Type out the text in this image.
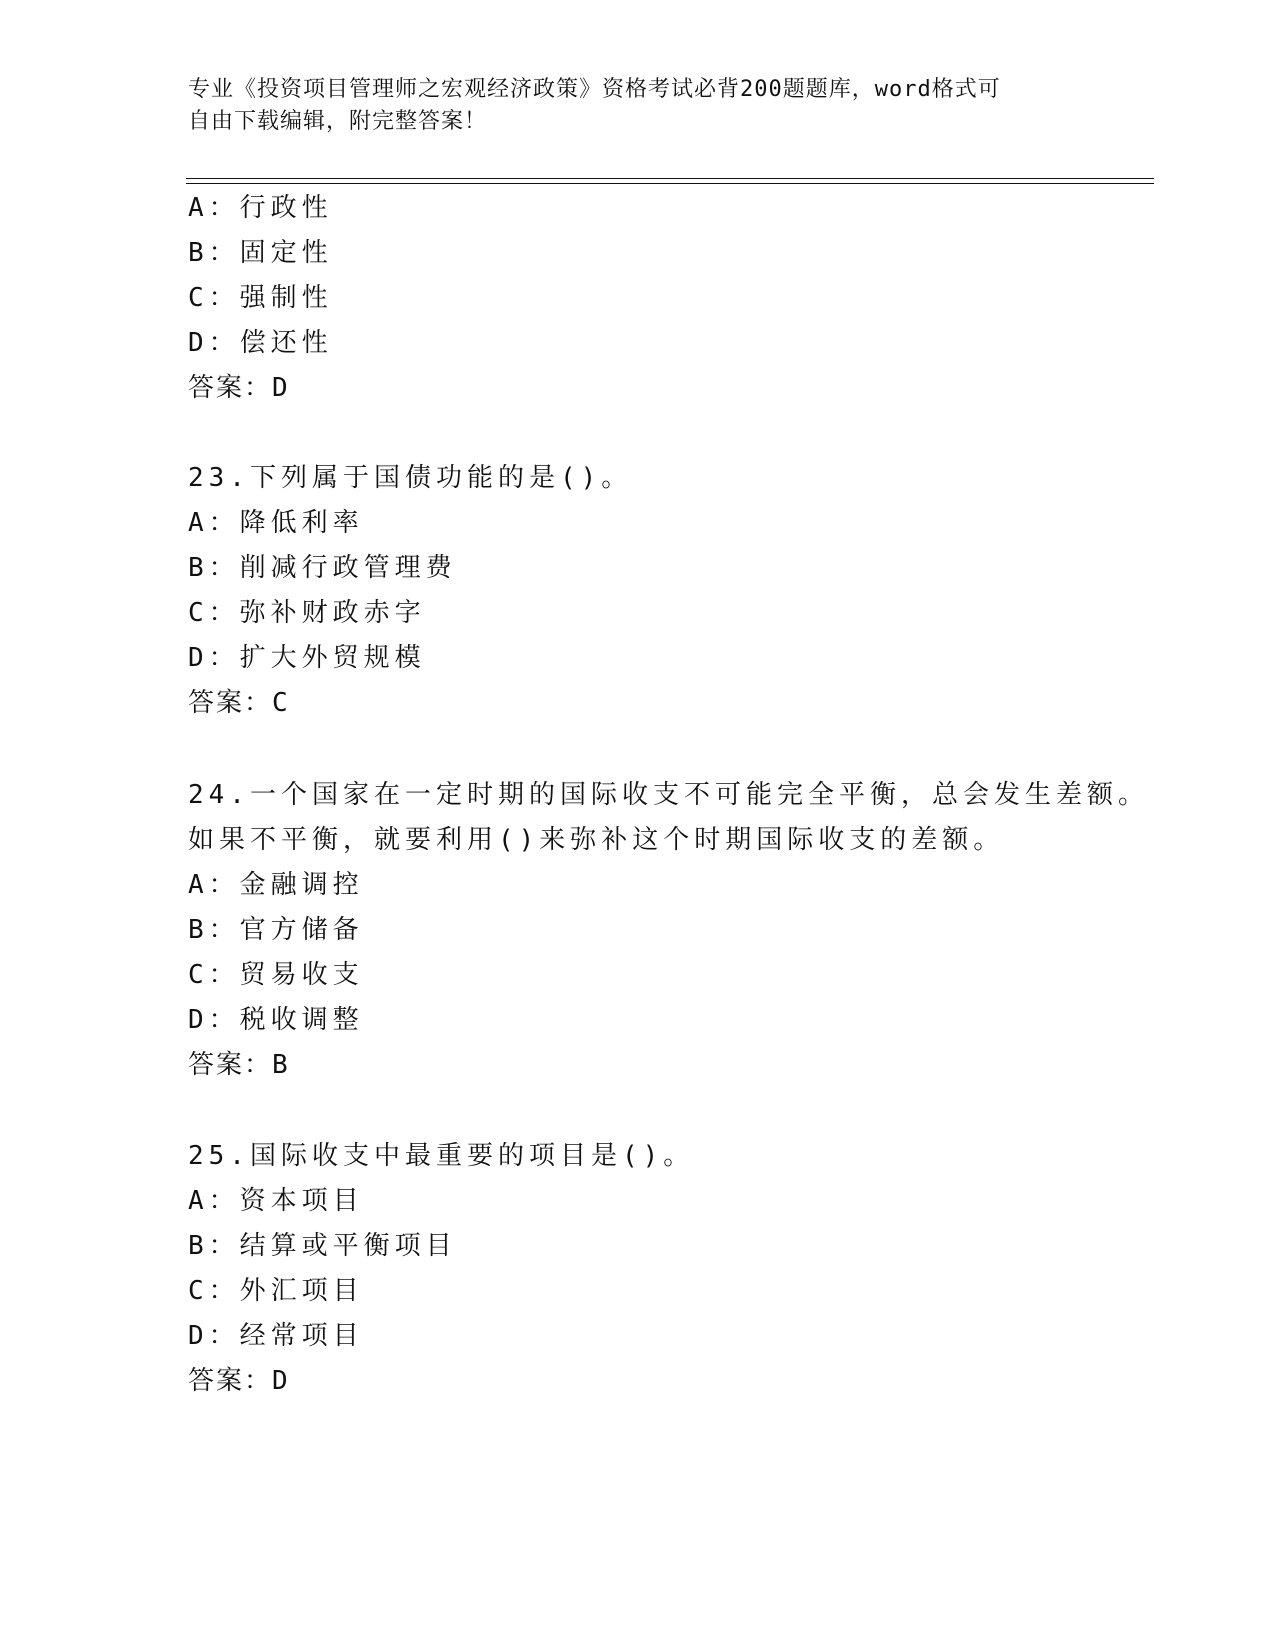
专业《投资项目管理师之宏观经济政策》资格考试必背200题题库，word格式可
自由下载编辑，附完整答案！
A：行政性
B：固定性
C：强制性
D：偿还性
答案：D
23.下列属于国债功能的是()。
A：降低利率
B：削减行政管理费
C：弥补财政赤字
D：扩大外贸规模
答案：C
24.一个国家在一定时期的国际收支不可能完全平衡，总会发生差额。
如果不平衡，就要利用()来弥补这个时期国际收支的差额。
A：金融调控
B：官方储备
C：贸易收支
D：税收调整
答案：B
25.国际收支中最重要的项目是()。
A：资本项目
B：结算或平衡项目
C：外汇项目
D：经常项目
答案：D
